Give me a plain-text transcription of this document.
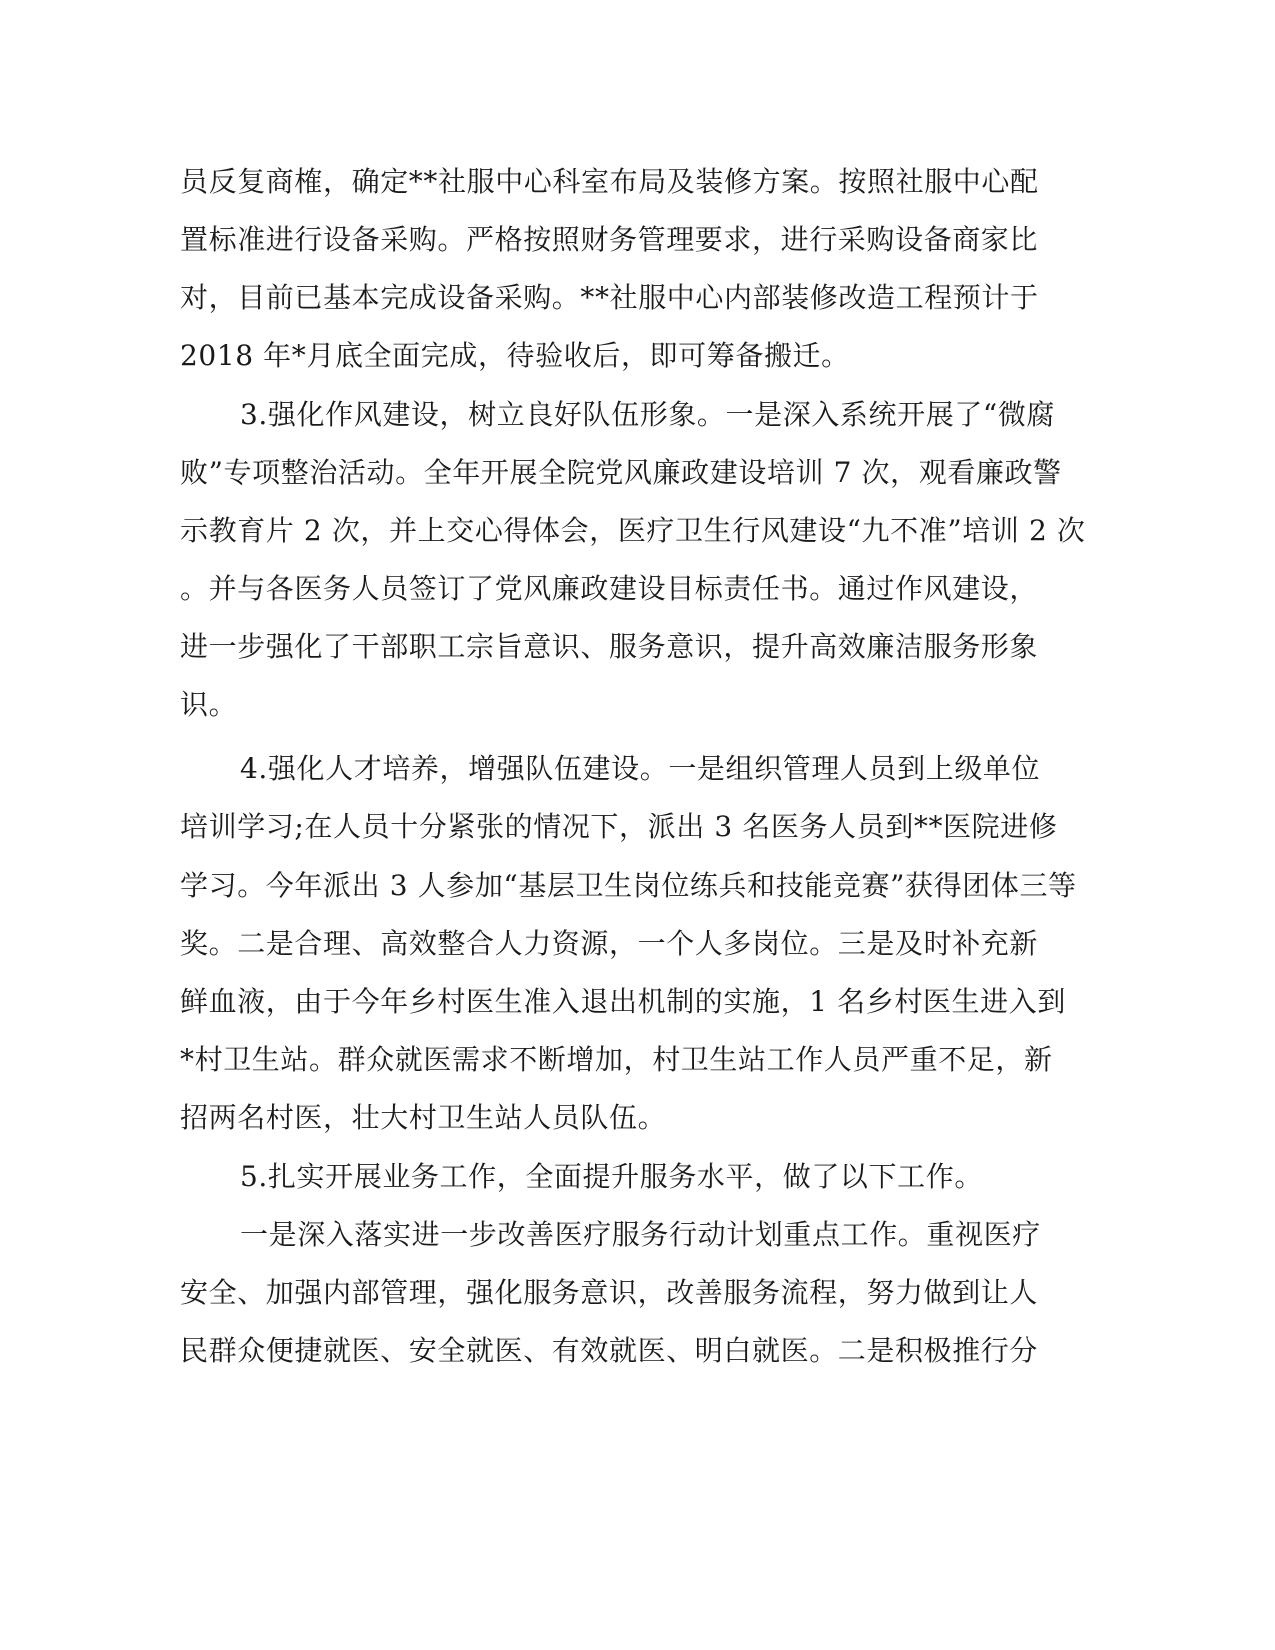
员反复商榷，确定**社服中心科室布局及装修方案。按照社服中心配
置标准进行设备采购。严格按照财务管理要求，进行采购设备商家比
对，目前已基本完成设备采购。**社服中心内部装修改造工程预计于
2018 年*月底全面完成，待验收后，即可筹备搬迁。
3.强化作风建设，树立良好队伍形象。一是深入系统开展了“微腐
败”专项整治活动。全年开展全院党风廉政建设培训 7 次，观看廉政警
示教育片 2 次，并上交心得体会，医疗卫生行风建设“九不准”培训 2 次
。并与各医务人员签订了党风廉政建设目标责任书。通过作风建设，
进一步强化了干部职工宗旨意识、服务意识，提升高效廉洁服务形象
识。
4.强化人才培养，增强队伍建设。一是组织管理人员到上级单位
培训学习;在人员十分紧张的情况下，派出 3 名医务人员到**医院进修
学习。今年派出 3 人参加“基层卫生岗位练兵和技能竞赛”获得团体三等
奖。二是合理、高效整合人力资源，一个人多岗位。三是及时补充新
鲜血液，由于今年乡村医生准入退出机制的实施，1 名乡村医生进入到
*村卫生站。群众就医需求不断增加，村卫生站工作人员严重不足，新
招两名村医，壮大村卫生站人员队伍。
5.扎实开展业务工作，全面提升服务水平，做了以下工作。
一是深入落实进一步改善医疗服务行动计划重点工作。重视医疗
安全、加强内部管理，强化服务意识，改善服务流程，努力做到让人
民群众便捷就医、安全就医、有效就医、明白就医。二是积极推行分
